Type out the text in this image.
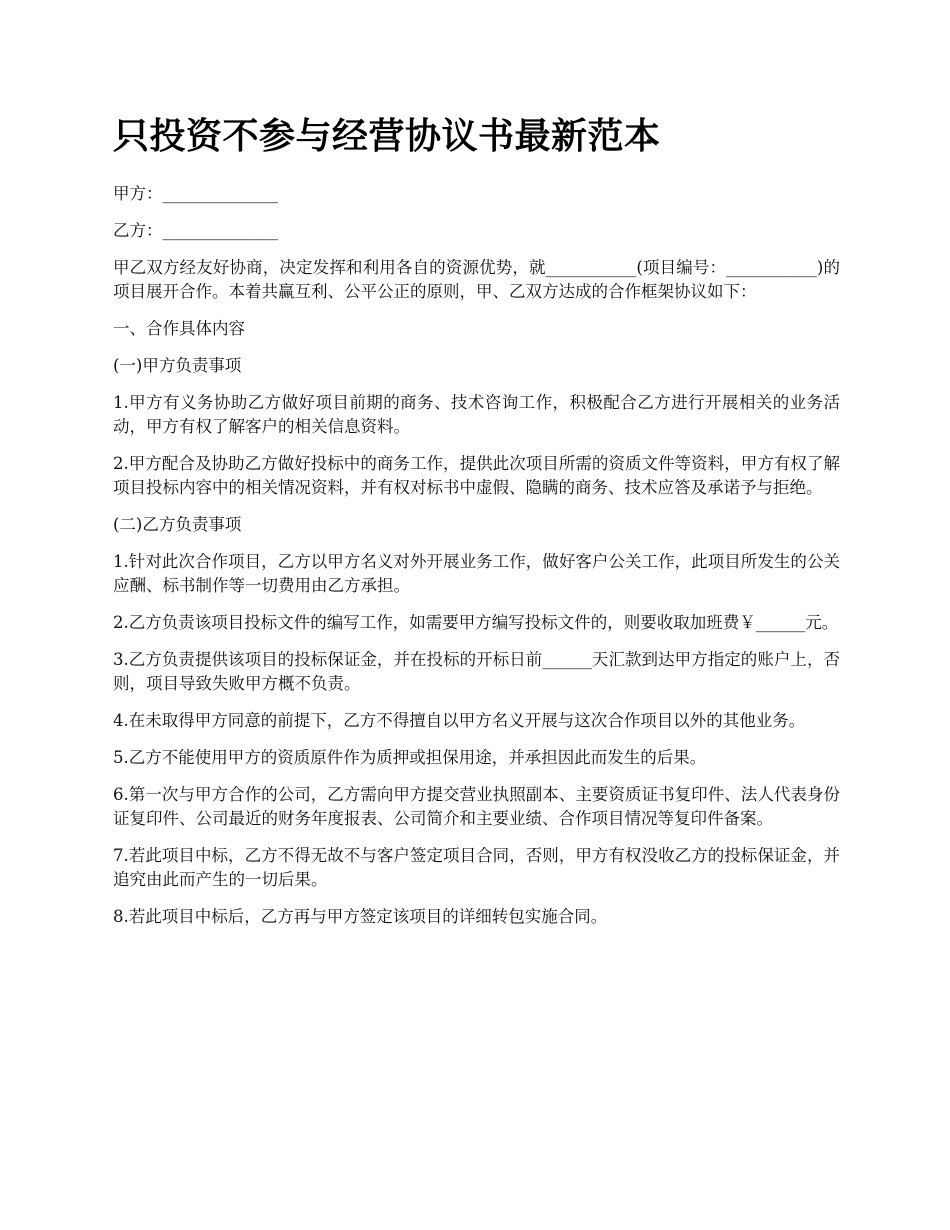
只投资不参与经营协议书最新范本

甲方：______________

乙方：______________

甲乙双方经友好协商，决定发挥和利用各自的资源优势，就___________(项目编号：___________)的项目展开合作。本着共赢互利、公平公正的原则，甲、乙双方达成的合作框架协议如下：

一、合作具体内容

(一)甲方负责事项

1.甲方有义务协助乙方做好项目前期的商务、技术咨询工作，积极配合乙方进行开展相关的业务活动，甲方有权了解客户的相关信息资料。

2.甲方配合及协助乙方做好投标中的商务工作，提供此次项目所需的资质文件等资料，甲方有权了解项目投标内容中的相关情况资料，并有权对标书中虚假、隐瞒的商务、技术应答及承诺予与拒绝。

(二)乙方负责事项

1.针对此次合作项目，乙方以甲方名义对外开展业务工作，做好客户公关工作，此项目所发生的公关应酬、标书制作等一切费用由乙方承担。

2.乙方负责该项目投标文件的编写工作，如需要甲方编写投标文件的，则要收取加班费￥______元。

3.乙方负责提供该项目的投标保证金，并在投标的开标日前______天汇款到达甲方指定的账户上，否则，项目导致失败甲方概不负责。

4.在未取得甲方同意的前提下，乙方不得擅自以甲方名义开展与这次合作项目以外的其他业务。

5.乙方不能使用甲方的资质原件作为质押或担保用途，并承担因此而发生的后果。

6.第一次与甲方合作的公司，乙方需向甲方提交营业执照副本、主要资质证书复印件、法人代表身份证复印件、公司最近的财务年度报表、公司简介和主要业绩、合作项目情况等复印件备案。

7.若此项目中标，乙方不得无故不与客户签定项目合同，否则，甲方有权没收乙方的投标保证金，并追究由此而产生的一切后果。

8.若此项目中标后，乙方再与甲方签定该项目的详细转包实施合同。
